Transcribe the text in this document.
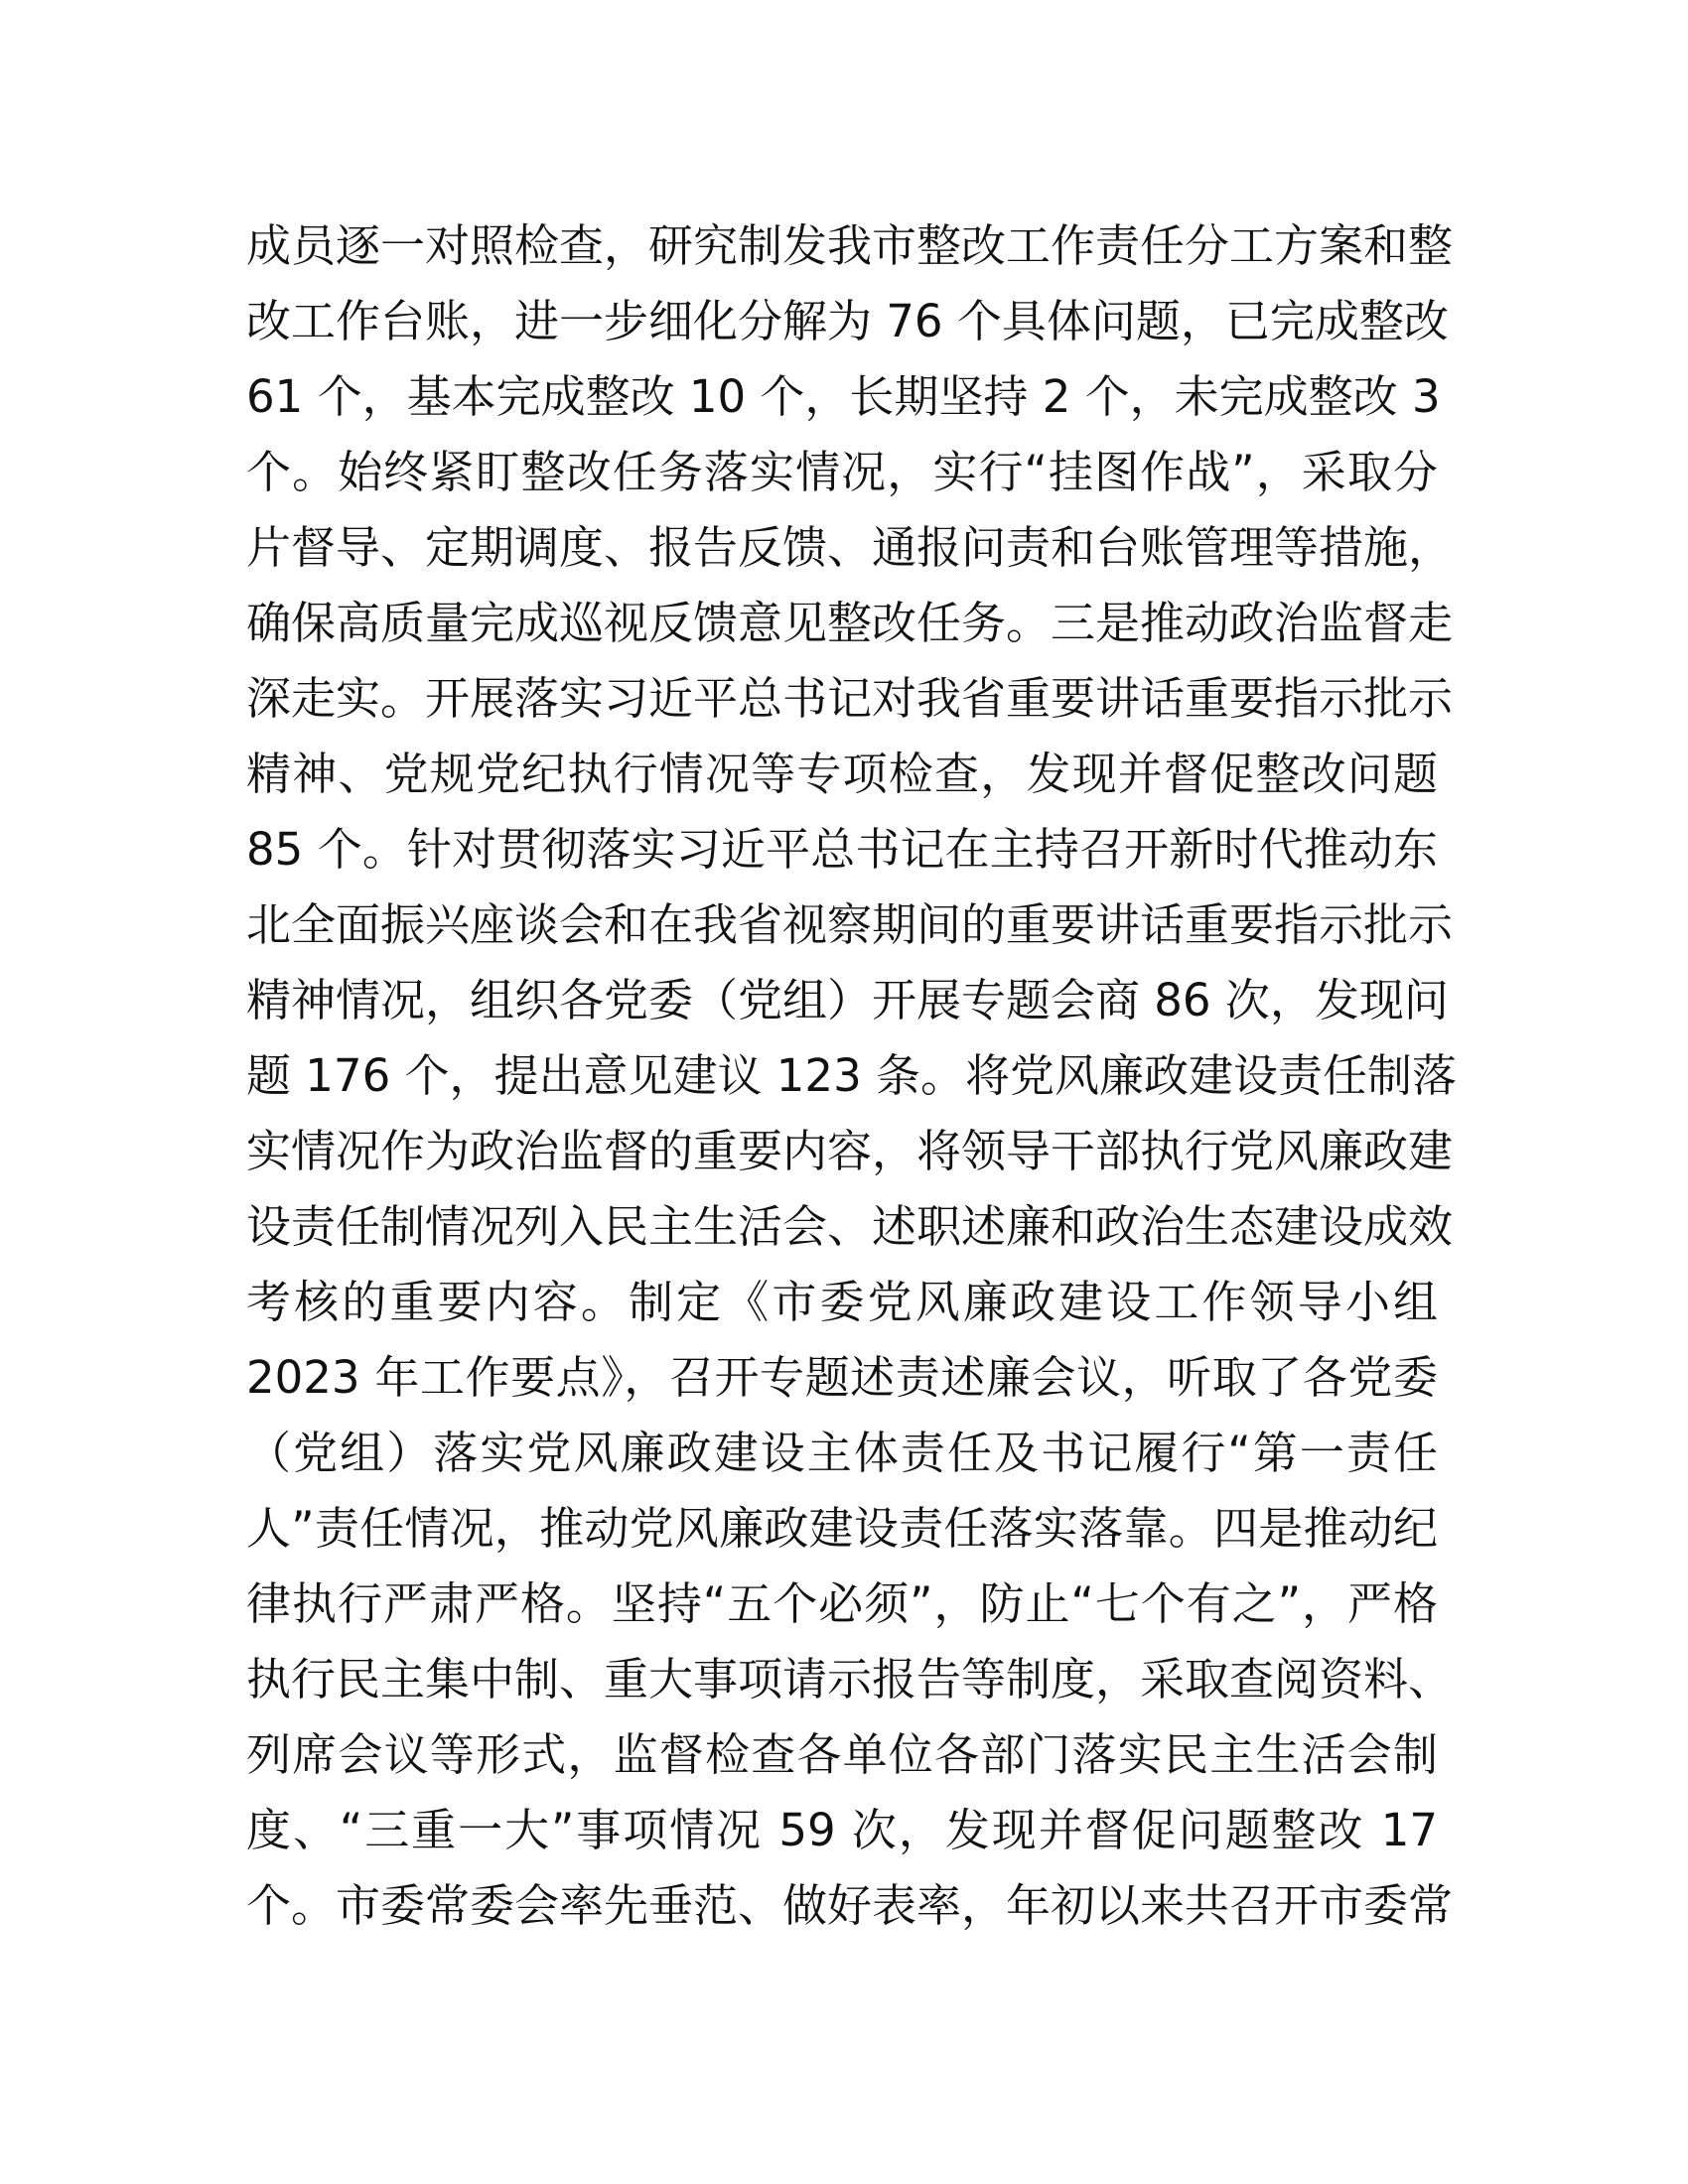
成员逐一对照检查，研究制发我市整改工作责任分工方案和整
改工作台账，进一步细化分解为 76 个具体问题，已完成整改
61 个，基本完成整改 10 个，长期坚持 2 个，未完成整改 3
个。始终紧盯整改任务落实情况，实行“挂图作战”，采取分
片督导、定期调度、报告反馈、通报问责和台账管理等措施，
确保高质量完成巡视反馈意见整改任务。三是推动政治监督走
深走实。开展落实习近平总书记对我省重要讲话重要指示批示
精神、党规党纪执行情况等专项检查，发现并督促整改问题
85 个。针对贯彻落实习近平总书记在主持召开新时代推动东
北全面振兴座谈会和在我省视察期间的重要讲话重要指示批示
精神情况，组织各党委（党组）开展专题会商 86 次，发现问
题 176 个，提出意见建议 123 条。将党风廉政建设责任制落
实情况作为政治监督的重要内容，将领导干部执行党风廉政建
设责任制情况列入民主生活会、述职述廉和政治生态建设成效
考核的重要内容。制定《市委党风廉政建设工作领导小组
2023 年工作要点》，召开专题述责述廉会议，听取了各党委
（党组）落实党风廉政建设主体责任及书记履行“第一责任
人”责任情况，推动党风廉政建设责任落实落靠。四是推动纪
律执行严肃严格。坚持“五个必须”，防止“七个有之”，严格
执行民主集中制、重大事项请示报告等制度，采取查阅资料、
列席会议等形式，监督检查各单位各部门落实民主生活会制
度、“三重一大”事项情况 59 次，发现并督促问题整改 17
个。市委常委会率先垂范、做好表率，年初以来共召开市委常
